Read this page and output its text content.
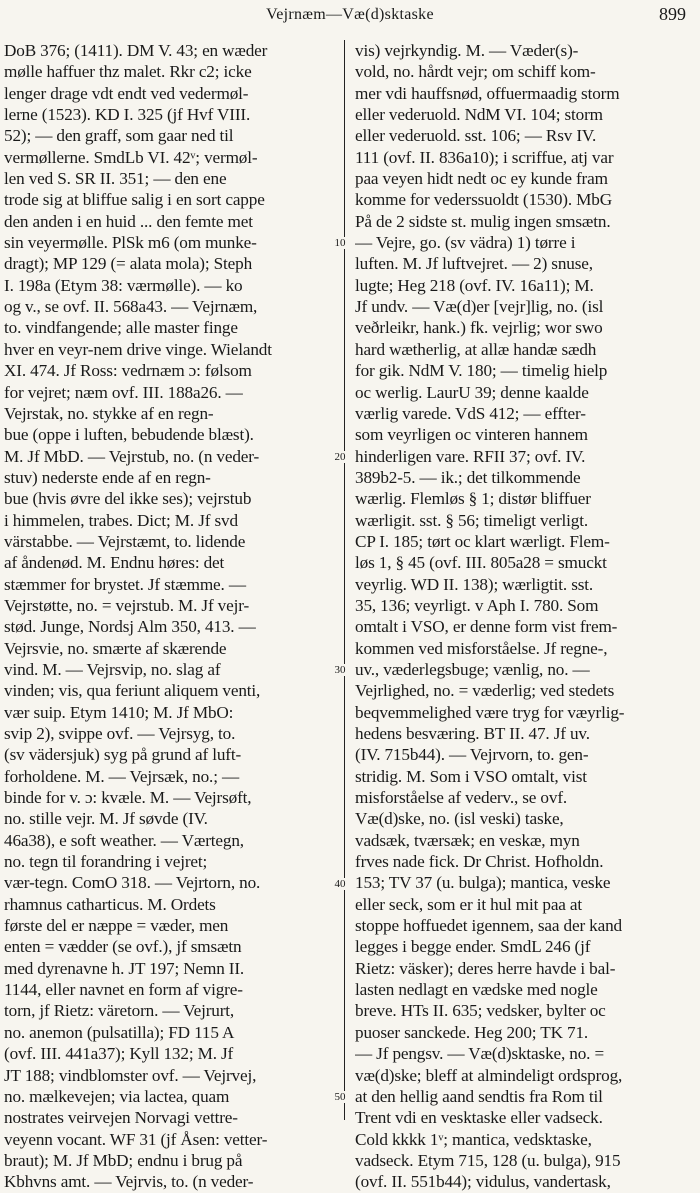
Vejrnæm—Væ(d)sktaske	899
DoB 376; (1411). DM V. 43; en wæder
mølle haffuer thz malet. Rkr c2; icke
lenger drage vdt endt ved vedermøl-
lerne (1523). KD I. 325 (jf Hvf VIII.
52); — den graff, som gaar ned til
vermøllerne. SmdLb VI. 42ᵛ; vermøl-
len ved S. SR II. 351; — den ene
trode sig at bliffue salig i en sort cappe
den anden i en huid ... den femte met
sin veyermølle. PlSk m6 (om munke-
dragt); MP 129 (= alata mola); Steph
I. 198a (Etym 38: værmølle). — ko
og v., se ovf. II. 568a43. — Vejrnæm,
to. vindfangende; alle master finge
hver en veyr-nem drive vinge. Wielandt
XI. 474. Jf Ross: vedrnæm ɔ: følsom
for vejret; næm ovf. III. 188a26. —
Vejrstak, no. stykke af en regn-
bue (oppe i luften, bebudende blæst).
M. Jf MbD. — Vejrstub, no. (n veder-
stuv) nederste ende af en regn-
bue (hvis øvre del ikke ses); vejrstub
i himmelen, trabes. Dict; M. Jf svd
värstabbe. — Vejrstæmt, to. lidende
af åndenød. M. Endnu høres: det
stæmmer for brystet. Jf stæmme. —
Vejrstøtte, no. = vejrstub. M. Jf vejr-
stød. Junge, Nordsj Alm 350, 413. —
Vejrsvie, no. smærte af skærende
vind. M. — Vejrsvip, no. slag af
vinden; vis, qua feriunt aliquem venti,
vær suip. Etym 1410; M. Jf MbO:
svip 2), svippe ovf. — Vejrsyg, to.
(sv vädersjuk) syg på grund af luft-
forholdene. M. — Vejrsæk, no.; —
binde for v. ɔ: kvæle. M. — Vejrsøft,
no. stille vejr. M. Jf søvde (IV.
46a38), e soft weather. — Værtegn,
no. tegn til forandring i vejret;
vær-tegn. ComO 318. — Vejrtorn, no.
rhamnus catharticus. M. Ordets
første del er næppe = væder, men
enten = vædder (se ovf.), jf smsætn
med dyrenavne h. JT 197; Nemn II.
1144, eller navnet en form af vigre-
torn, jf Rietz: väretorn. — Vejrurt,
no. anemon (pulsatilla); FD 115 A
(ovf. III. 441a37); Kyll 132; M. Jf
JT 188; vindblomster ovf. — Vejrvej,
no. mælkevejen; via lactea, quam
nostrates veirvejen Norvagi vettre-
veyenn vocant. WF 31 (jf Åsen: vetter-
braut); M. Jf MbD; endnu i brug på
Kbhvns amt. — Vejrvis, to. (n veder-
10
20
30
40
50
vis) vejrkyndig. M. — Væder(s)-
vold, no. hårdt vejr; om schiff kom-
mer vdi hauffsnød, offuermaadig storm
eller vederuold. NdM VI. 104; storm
eller vederuold. sst. 106; — Rsv IV.
111 (ovf. II. 836a10); i scriffue, atj var
paa veyen hidt nedt oc ey kunde fram
komme for vederssuoldt (1530). MbG
På de 2 sidste st. mulig ingen smsætn.
— Vejre, go. (sv vädra) 1) tørre i
luften. M. Jf luftvejret. — 2) snuse,
lugte; Heg 218 (ovf. IV. 16a11); M.
Jf undv. — Væ(d)er [vejr]lig, no. (isl
veðrleikr, hank.) fk. vejrlig; wor swo
hard wætherlig, at allæ handæ sædh
for gik. NdM V. 180; — timelig hielp
oc werlig. LaurU 39; denne kaalde
værlig varede. VdS 412; — effter-
som veyrligen oc vinteren hannem
hinderligen vare. RFII 37; ovf. IV.
389b2-5. — ik.; det tilkommende
wærlig. Flemløs § 1; distør bliffuer
wærligit. sst. § 56; timeligt verligt.
CP I. 185; tørt oc klart wærligt. Flem-
løs 1, § 45 (ovf. III. 805a28 = smuckt
veyrlig. WD II. 138); wærligtit. sst.
35, 136; veyrligt. v Aph I. 780. Som
omtalt i VSO, er denne form vist frem-
kommen ved misforståelse. Jf regne-,
uv., væderlegsbuge; vænlig, no. —
Vejrlighed, no. = væderlig; ved stedets
beqvemmelighed være tryg for væyrlig-
hedens besværing. BT II. 47. Jf uv.
(IV. 715b44). — Vejrvorn, to. gen-
stridig. M. Som i VSO omtalt, vist
misforståelse af vederv., se ovf.
Væ(d)ske, no. (isl veski) taske,
vadsæk, tværsæk; en veskæ, myn
frves nade fick. Dr Christ. Hofholdn.
153; TV 37 (u. bulga); mantica, veske
eller seck, som er it hul mit paa at
stoppe hoffuedet igennem, saa der kand
legges i begge ender. SmdL 246 (jf
Rietz: väsker); deres herre havde i bal-
lasten nedlagt en vædske med nogle
breve. HTs II. 635; vedsker, bylter oc
puoser sanckede. Heg 200; TK 71.
— Jf pengsv. — Væ(d)sktaske, no. =
væ(d)ske; bleff at almindeligt ordsprog,
at den hellig aand sendtis fra Rom til
Trent vdi en vesktaske eller vadseck.
Cold kkkk 1ᵛ; mantica, vedsktaske,
vadseck. Etym 715, 128 (u. bulga), 915
(ovf. II. 551b44); vidulus, vandertask,
